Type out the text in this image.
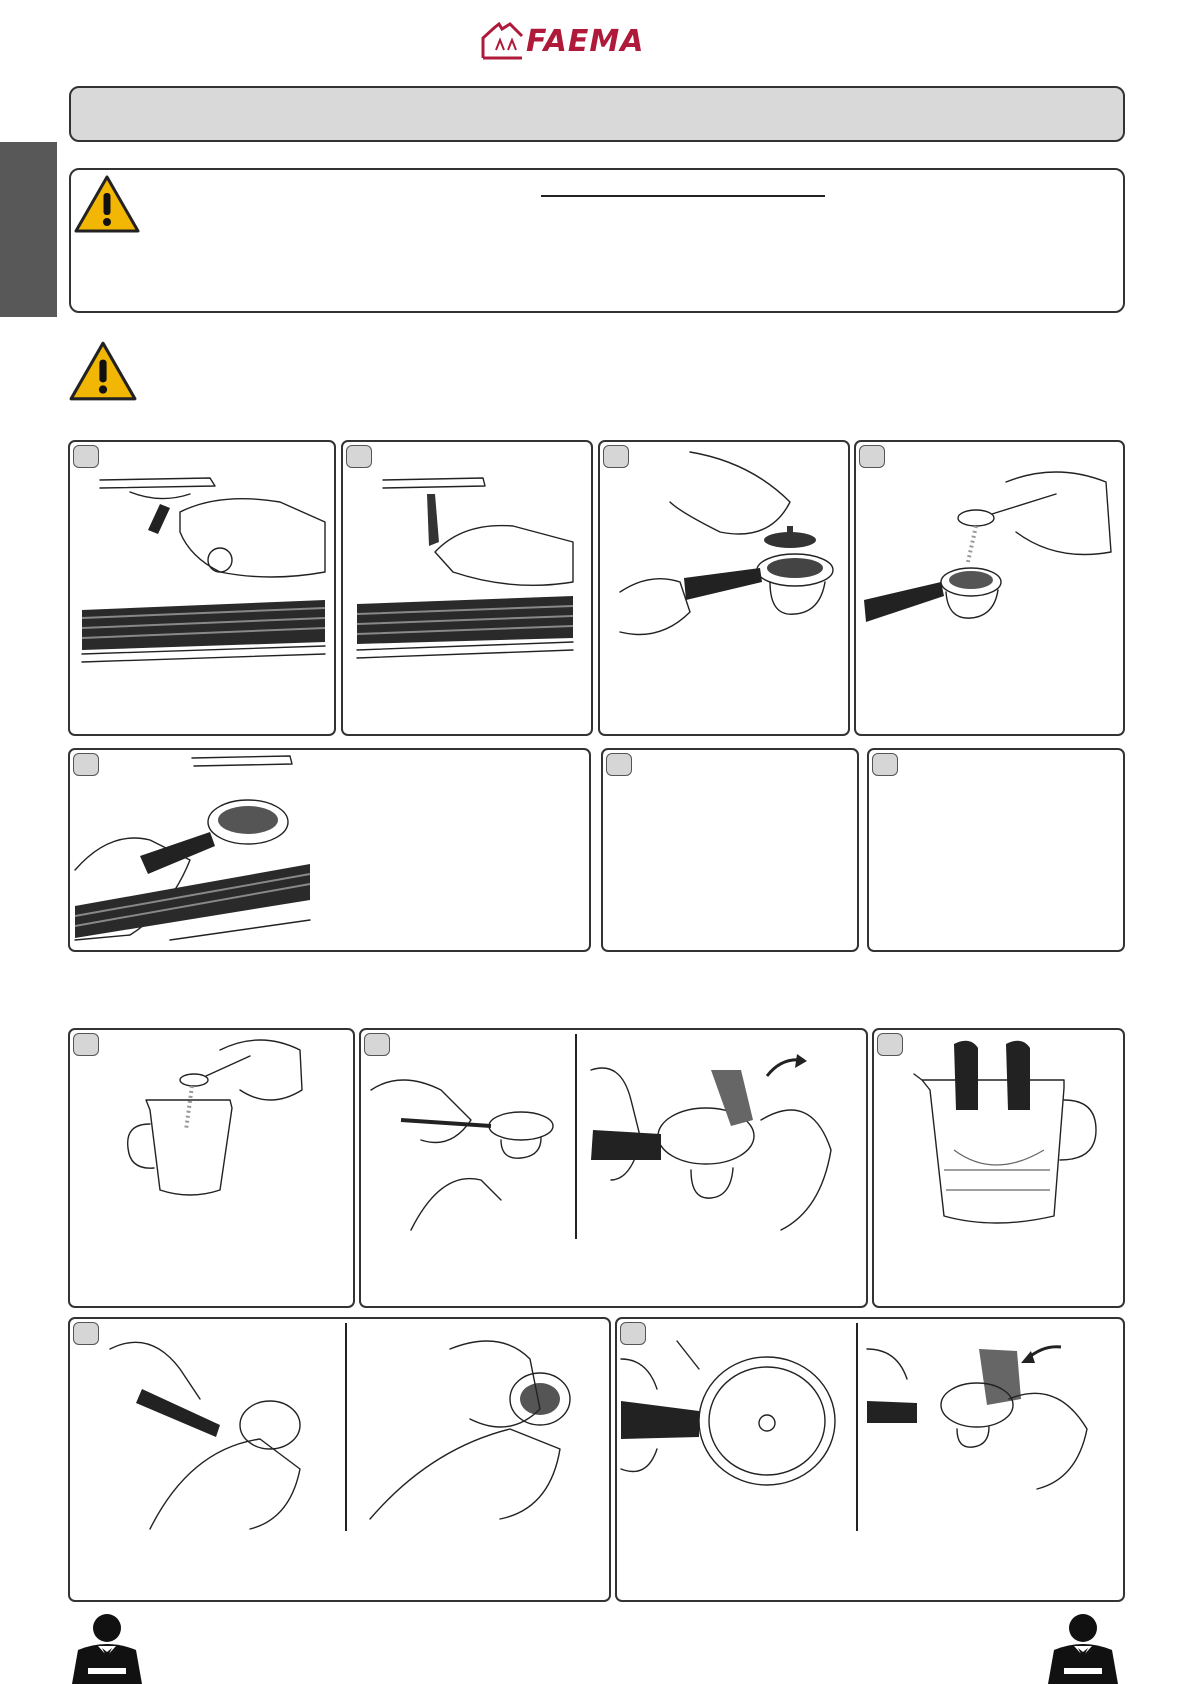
FAEMA
